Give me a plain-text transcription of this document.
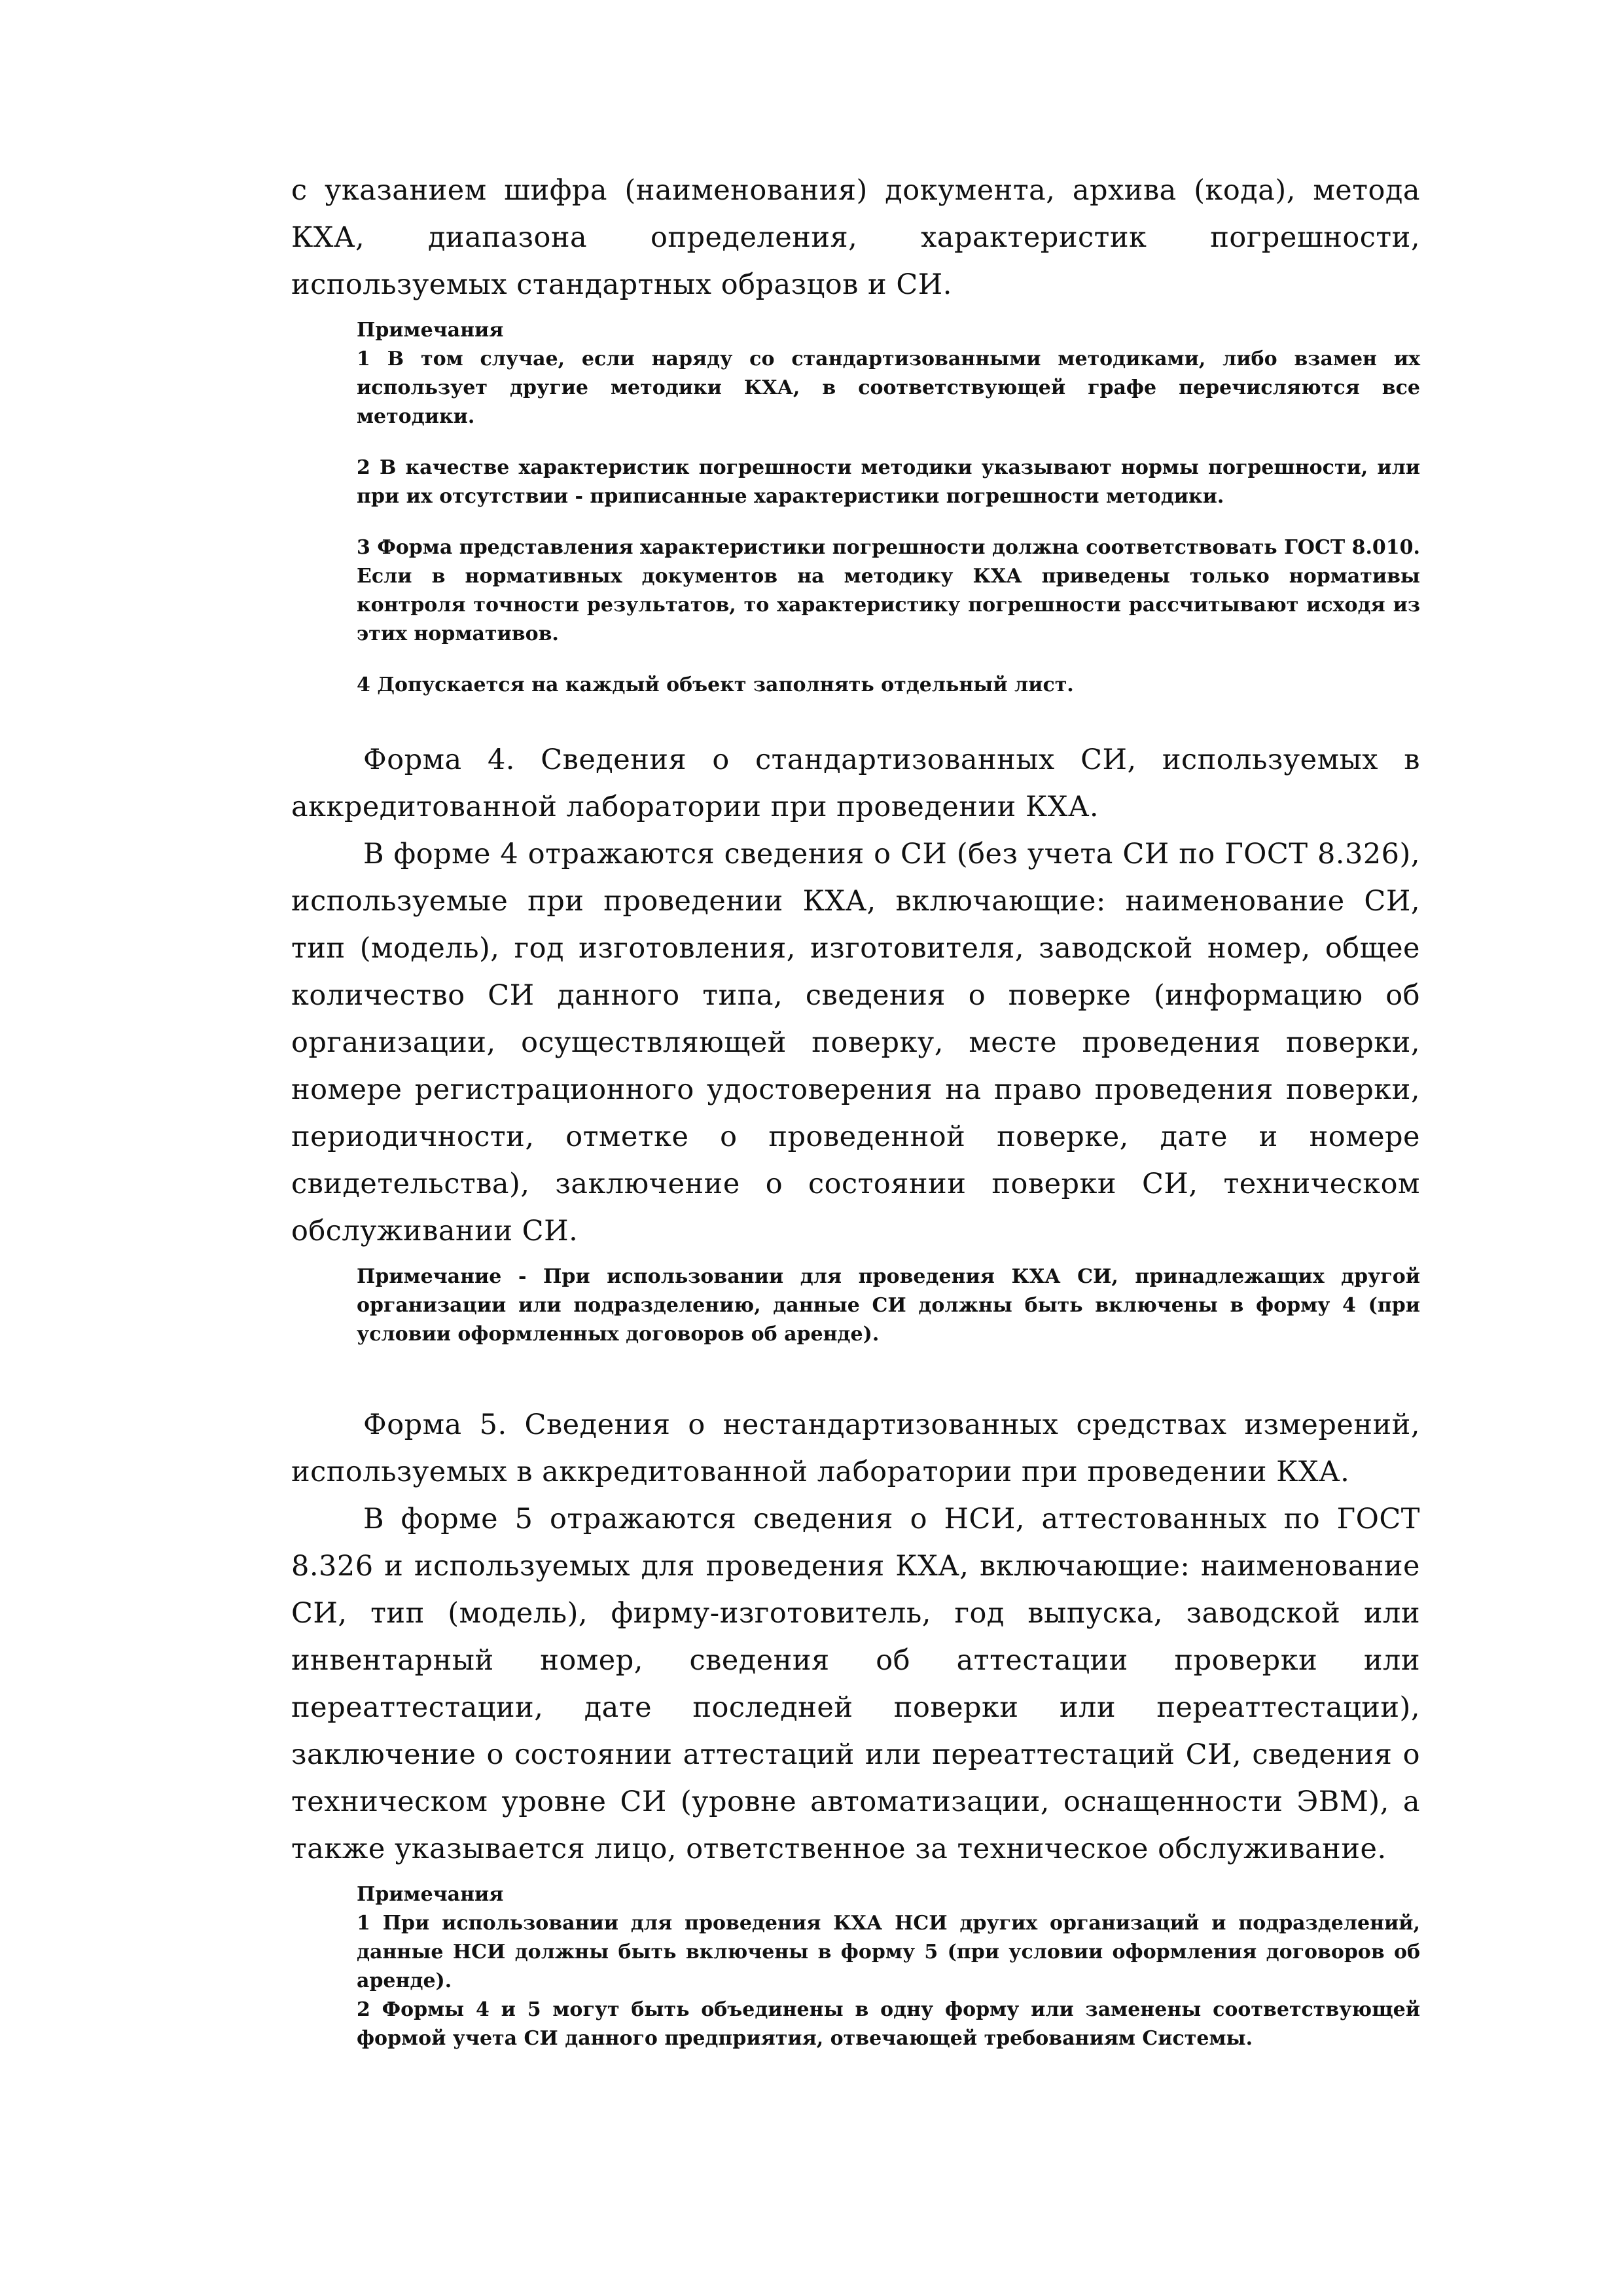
с указанием шифра (наименования) документа, архива (кода), метода КХА, диапазона определения, характеристик погрешности, используемых стандартных образцов и СИ.

Примечания

1 В том случае, если наряду со стандартизованными методиками, либо взамен их использует другие методики КХА, в соответствующей графе перечисляются все методики.

2 В качестве характеристик погрешности методики указывают нормы погрешности, или при их отсутствии - приписанные характеристики погрешности методики.

3 Форма представления характеристики погрешности должна соответствовать ГОСТ 8.010. Если в нормативных документов на методику КХА приведены только нормативы контроля точности результатов, то характеристику погрешности рассчитывают исходя из этих нормативов.

4 Допускается на каждый объект заполнять отдельный лист.

Форма 4. Сведения о стандартизованных СИ, используемых в аккредитованной лаборатории при проведении КХА.

В форме 4 отражаются сведения о СИ (без учета СИ по ГОСТ 8.326), используемые при проведении КХА, включающие: наименование СИ, тип (модель), год изготовления, изготовителя, заводской номер, общее количество СИ данного типа, сведения о поверке (информацию об организации, осуществляющей поверку, месте проведения поверки, номере регистрационного удостоверения на право проведения поверки, периодичности, отметке о проведенной поверке, дате и номере свидетельства), заключение о состоянии поверки СИ, техническом обслуживании СИ.

Примечание - При использовании для проведения КХА СИ, принадлежащих другой организации или подразделению, данные СИ должны быть включены в форму 4 (при условии оформленных договоров об аренде).

Форма 5. Сведения о нестандартизованных средствах измерений, используемых в аккредитованной лаборатории при проведении КХА.

В форме 5 отражаются сведения о НСИ, аттестованных по ГОСТ 8.326 и используемых для проведения КХА, включающие: наименование СИ, тип (модель), фирму-изготовитель, год выпуска, заводской или инвентарный номер, сведения об аттестации проверки или переаттестации, дате последней поверки или переаттестации), заключение о состоянии аттестаций или переаттестаций СИ, сведения о техническом уровне СИ (уровне автоматизации, оснащенности ЭВМ), а также указывается лицо, ответственное за техническое обслуживание.

Примечания

1 При использовании для проведения КХА НСИ других организаций и подразделений, данные НСИ должны быть включены в форму 5 (при условии оформления договоров об аренде).

2 Формы 4 и 5 могут быть объединены в одну форму или заменены соответствующей формой учета СИ данного предприятия, отвечающей требованиям Системы.
